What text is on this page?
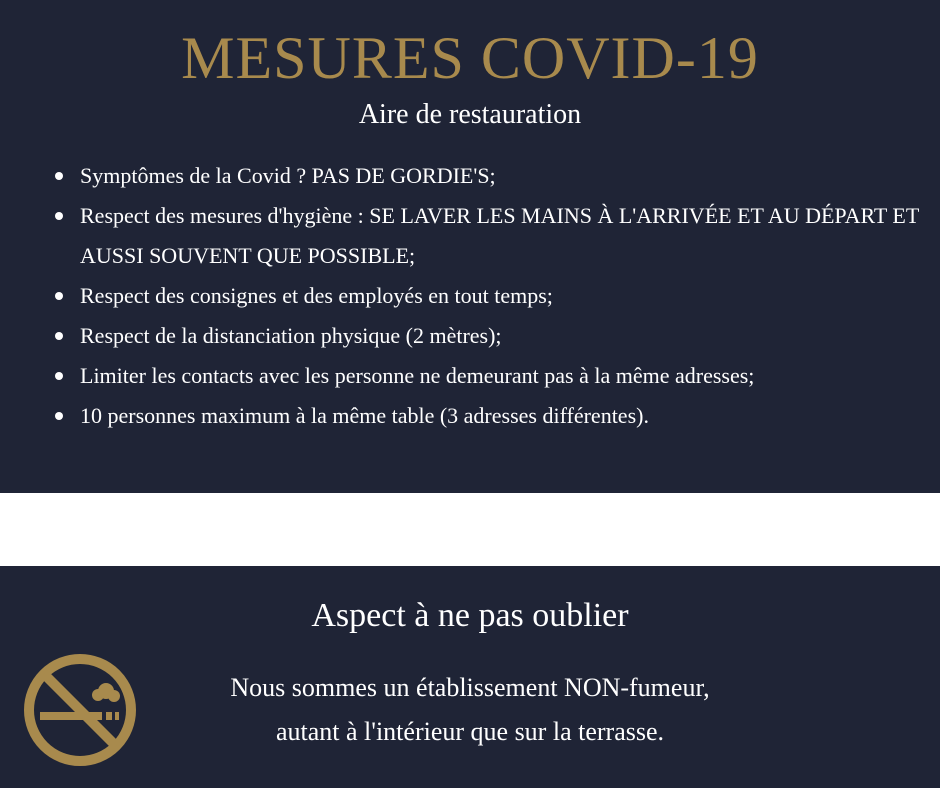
MESURES COVID-19
Aire de restauration
Symptômes de la Covid ? PAS DE GORDIE'S;
Respect des mesures d'hygiène : SE LAVER LES MAINS À L'ARRIVÉE ET AU DÉPART ET AUSSI SOUVENT QUE POSSIBLE;
Respect des consignes et des employés en tout temps;
Respect de la distanciation physique (2 mètres);
Limiter les contacts avec les personne ne demeurant pas à la même adresses;
10 personnes maximum à la même table (3 adresses différentes).
Aspect à ne pas oublier

Nous sommes un établissement NON-fumeur,
autant à l'intérieur que sur la terrasse.
